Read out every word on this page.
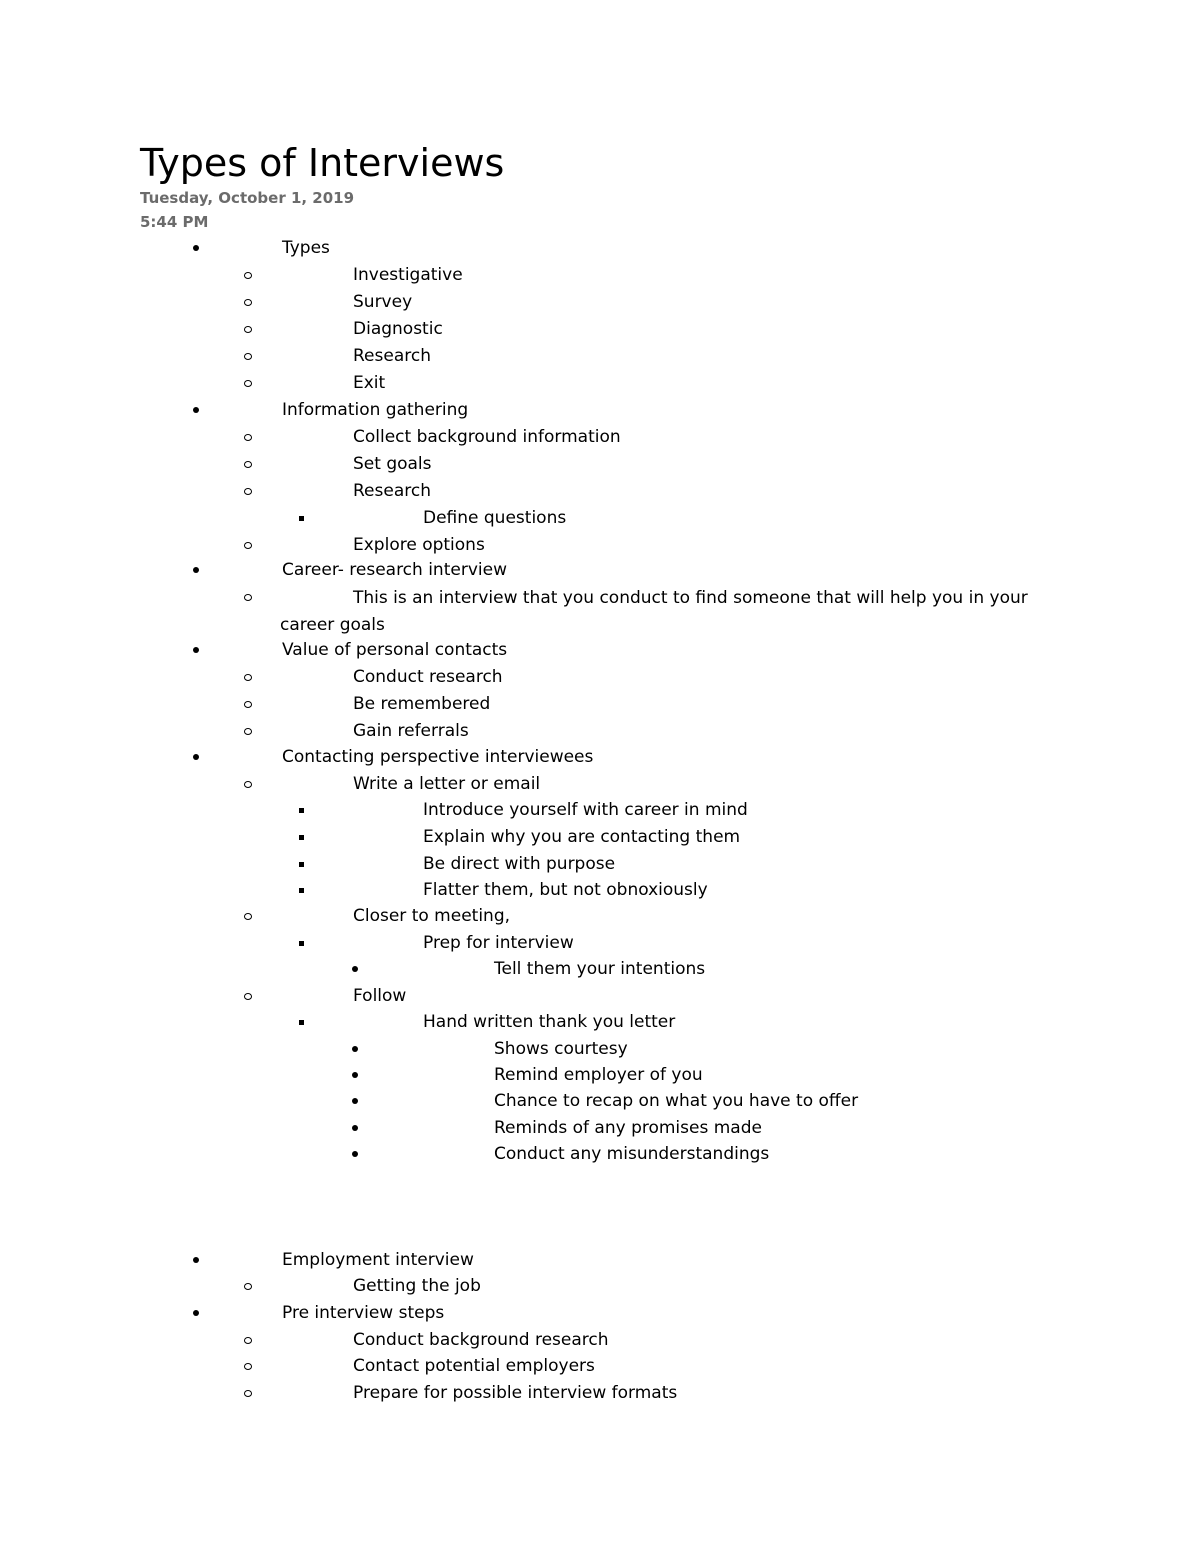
Types of Interviews
Tuesday, October 1, 2019
5:44 PM
Types
Investigative
Survey
Diagnostic
Research
Exit
Information gathering
Collect background information
Set goals
Research
Define questions
Explore options
Career- research interview
This is an interview that you conduct to find someone that will help you in your career goals
Value of personal contacts
Conduct research
Be remembered
Gain referrals
Contacting perspective interviewees
Write a letter or email
Introduce yourself with career in mind
Explain why you are contacting them
Be direct with purpose
Flatter them, but not obnoxiously
Closer to meeting,
Prep for interview
Tell them your intentions
Follow
Hand written thank you letter
Shows courtesy
Remind employer of you
Chance to recap on what you have to offer
Reminds of any promises made
Conduct any misunderstandings
Employment interview
Getting the job
Pre interview steps
Conduct background research
Contact potential employers
Prepare for possible interview formats
